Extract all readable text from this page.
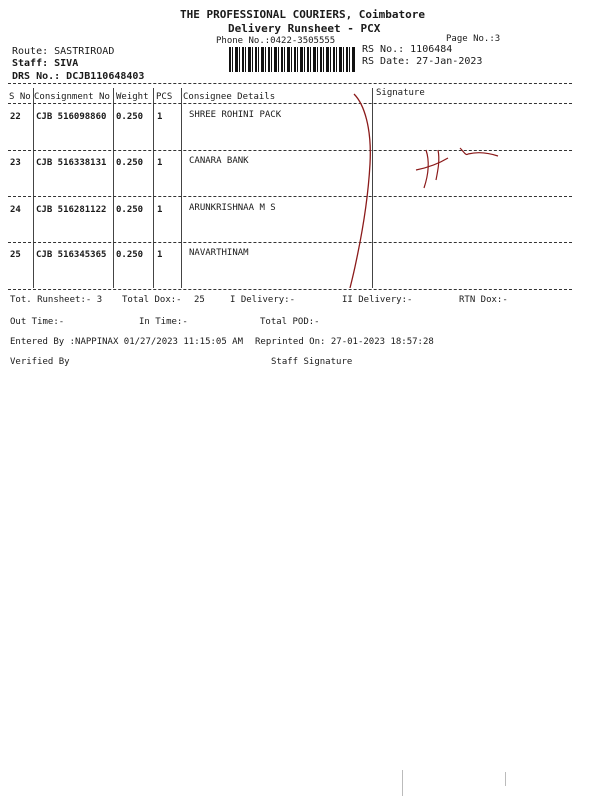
THE PROFESSIONAL COURIERS, Coimbatore
Delivery Runsheet - PCX
Phone No.:0422-3505555	Page No.:3
Route: SASTRIROAD
Staff: SIVA
DRS No.: DCJB110648403
RS No.: 1106484
RS Date: 27-Jan-2023
S No Consignment No Weight PCS Consignee Details	Signature
22 CJB 516098860 0.250 1	SHREE ROHINI PACK
23 CJB 516338131 0.250 1	CANARA BANK
24 CJB 516281122 0.250 1	ARUNKRISHNAA M S
25 CJB 516345365 0.250 1	NAVARTHINAM
Tot. Runsheet:- 3 Total Dox:- 25	I Delivery:-	II Delivery:-	RTN Dox:-
Out Time:-	In Time:-	Total POD:-
Entered By :NAPPINAX 01/27/2023 11:15:05 AM Reprinted On: 27-01-2023 18:57:28
Verified By	Staff Signature
